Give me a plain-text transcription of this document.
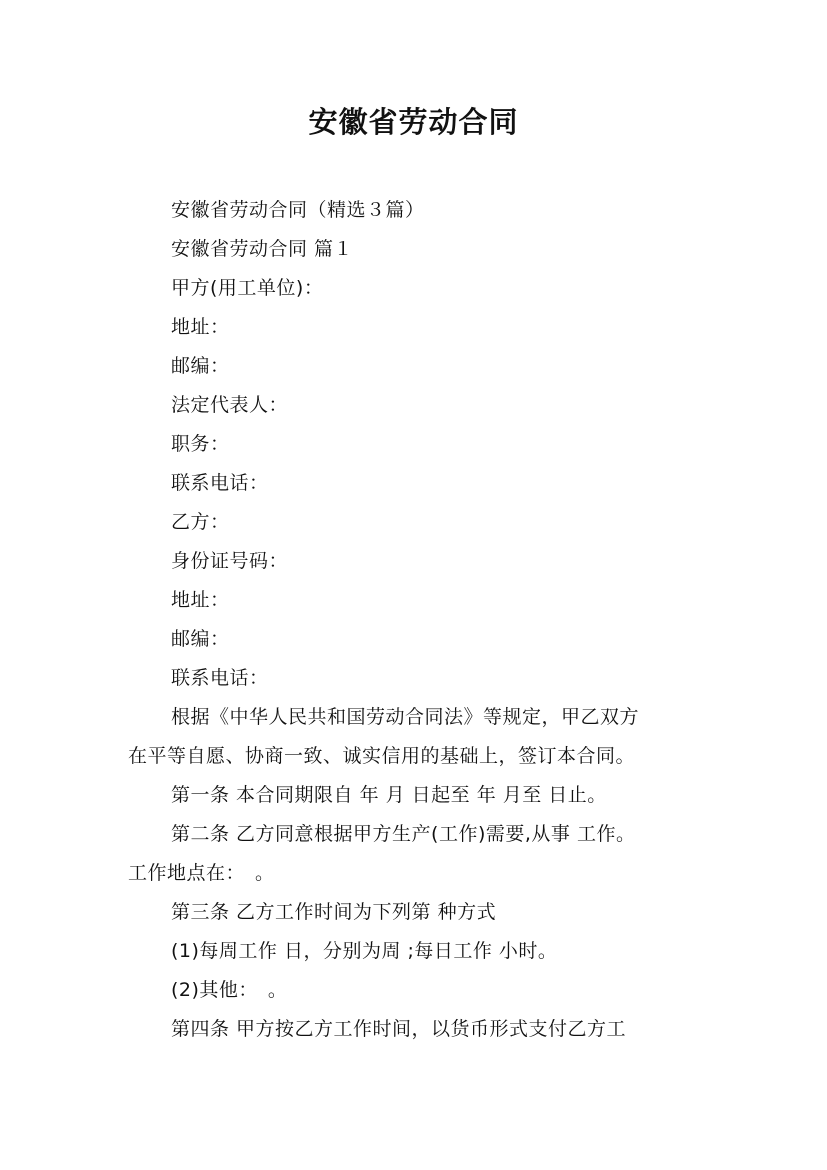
安徽省劳动合同
安徽省劳动合同（精选３篇）
安徽省劳动合同 篇１
甲方(用工单位)：
地址：
邮编：
法定代表人：
职务：
联系电话：
乙方：
身份证号码：
地址：
邮编：
联系电话：
根据《中华人民共和国劳动合同法》等规定，甲乙双方
在平等自愿、协商一致、诚实信用的基础上，签订本合同。
第一条 本合同期限自 年 月 日起至 年 月至 日止。
第二条 乙方同意根据甲方生产(工作)需要,从事 工作。
工作地点在：　。
第三条 乙方工作时间为下列第 种方式
(1)每周工作 日，分别为周 ;每日工作 小时。
(2)其他：　。
第四条 甲方按乙方工作时间，以货币形式支付乙方工
